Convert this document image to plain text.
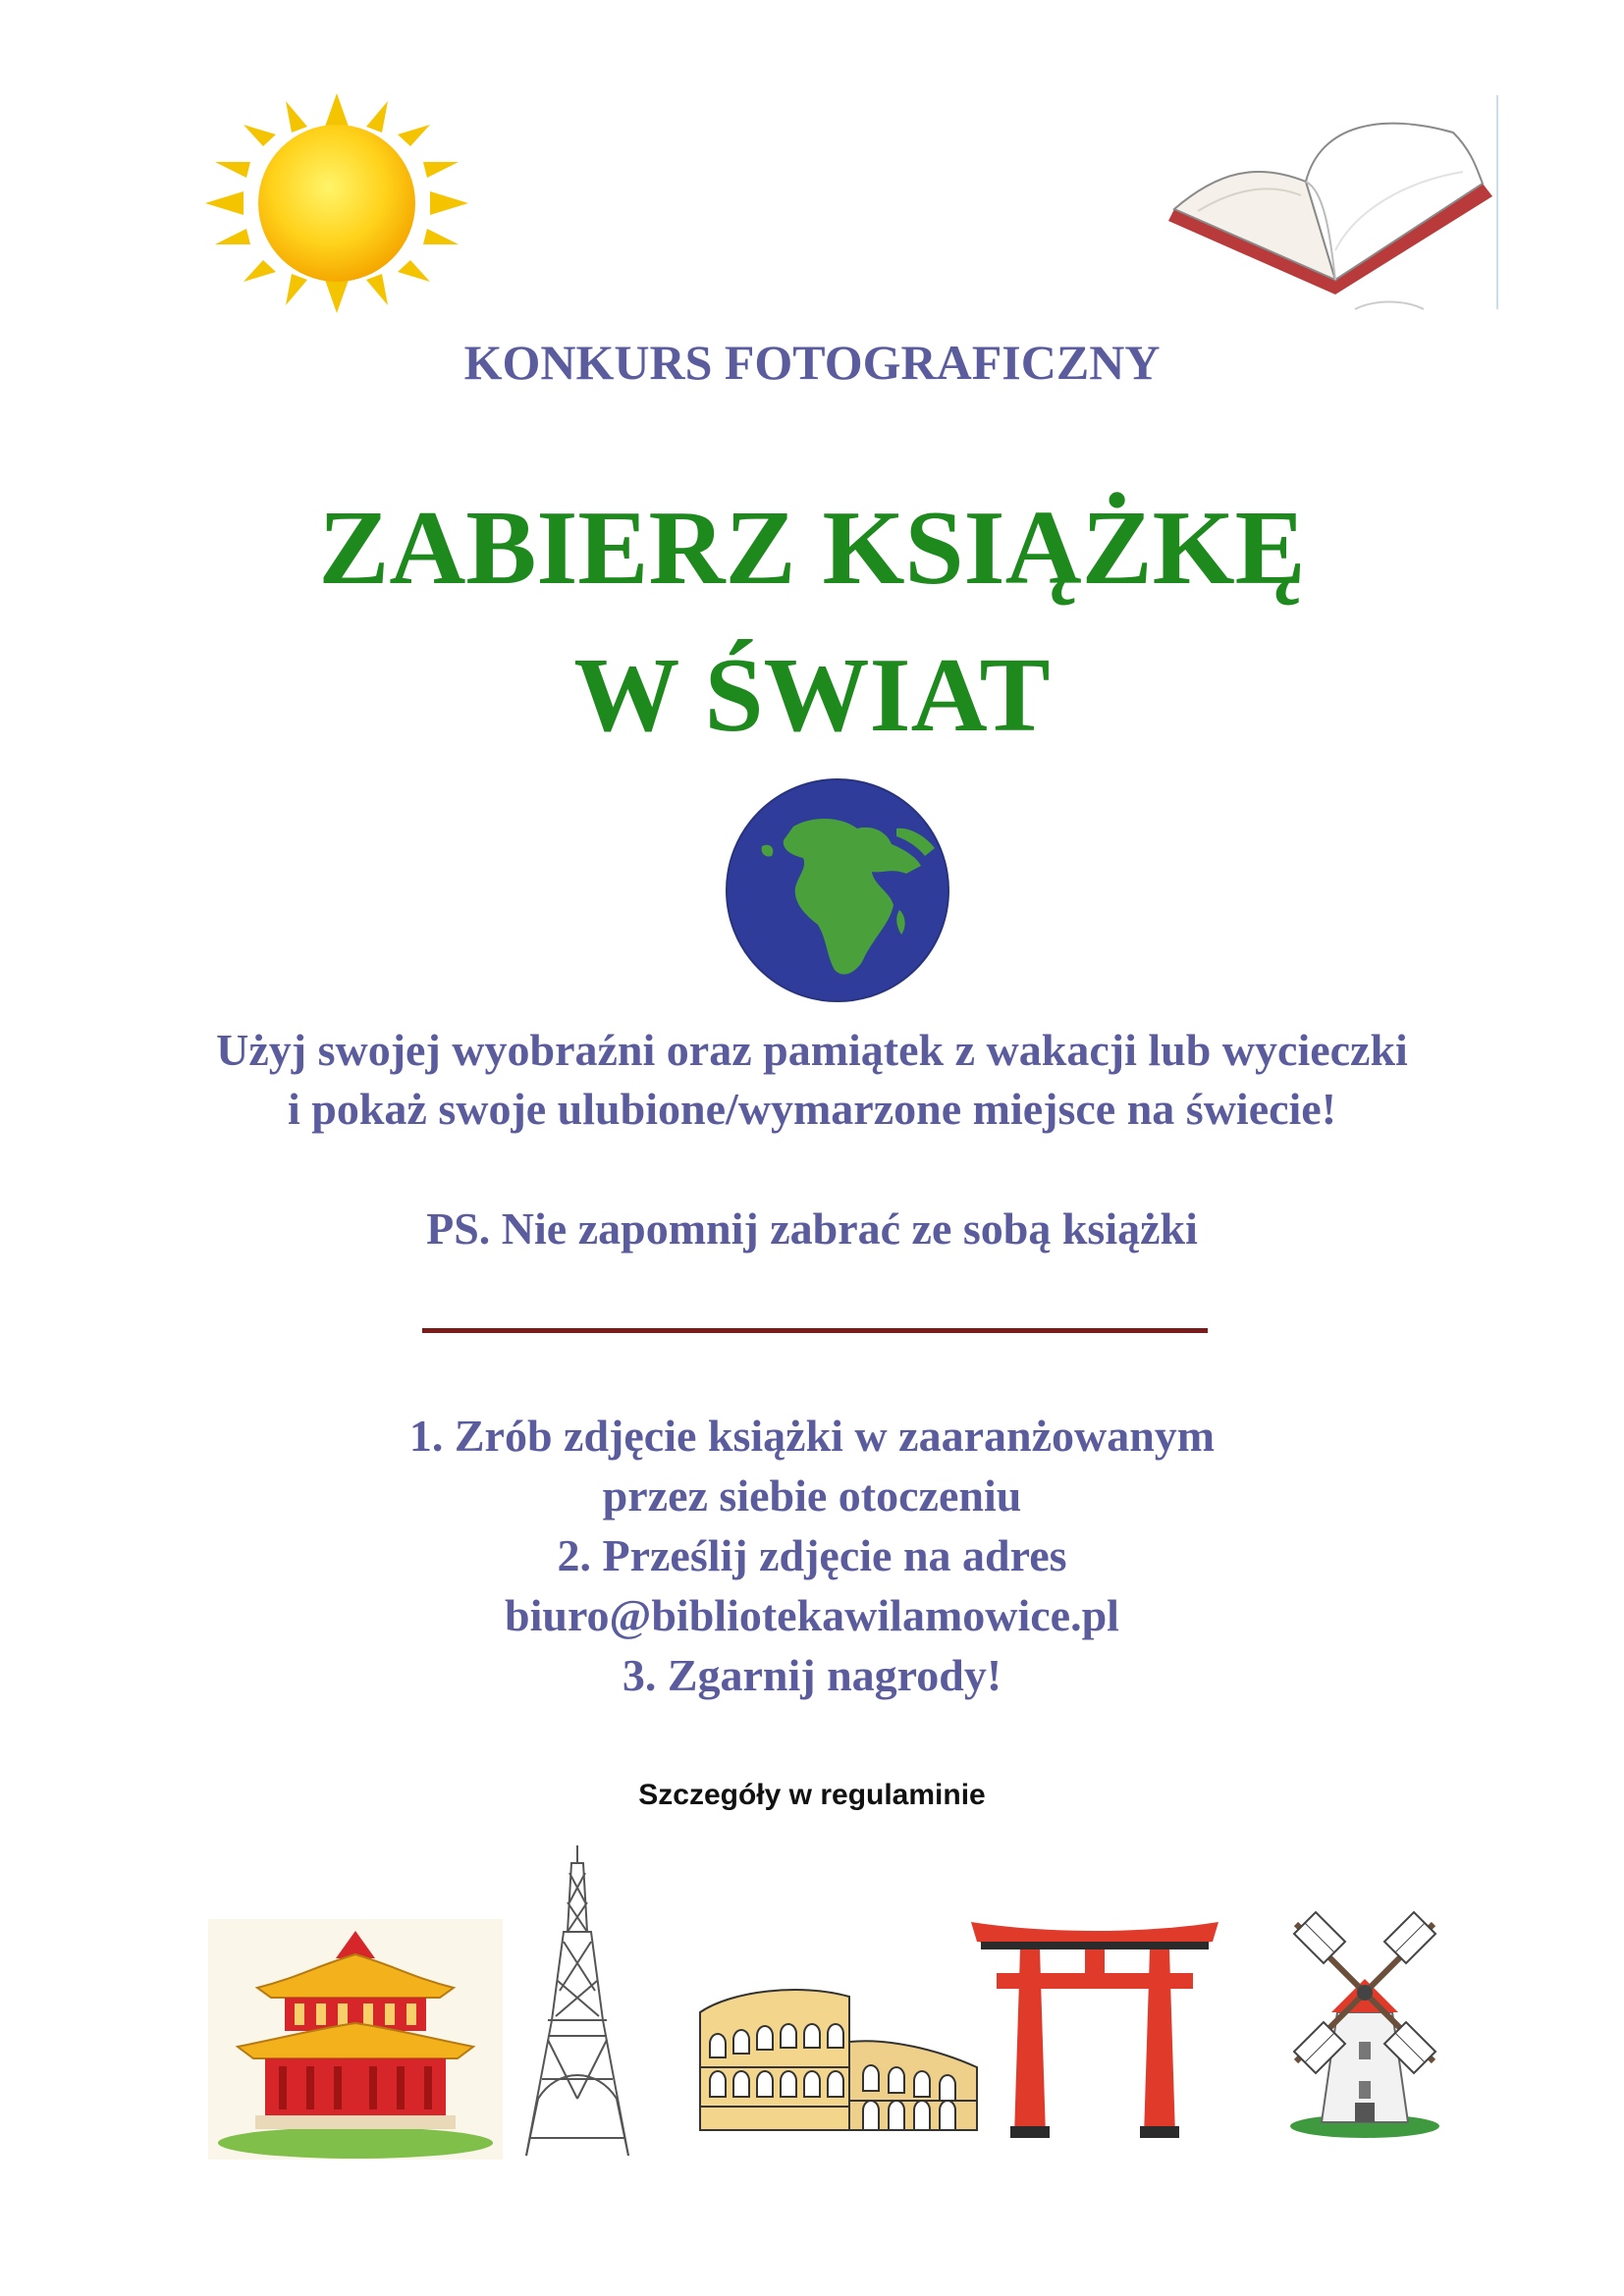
KONKURS FOTOGRAFICZNY
ZABIERZ KSIĄŻKĘ
W ŚWIAT
Użyj swojej wyobraźni oraz pamiątek z wakacji lub wycieczki
i pokaż swoje ulubione/wymarzone miejsce na świecie!
PS. Nie zapomnij zabrać ze sobą książki
1. Zrób zdjęcie książki w zaaranżowanym
przez siebie otoczeniu
2. Prześlij zdjęcie na adres
biuro@bibliotekawilamowice.pl
3. Zgarnij nagrody!
Szczegóły w regulaminie
